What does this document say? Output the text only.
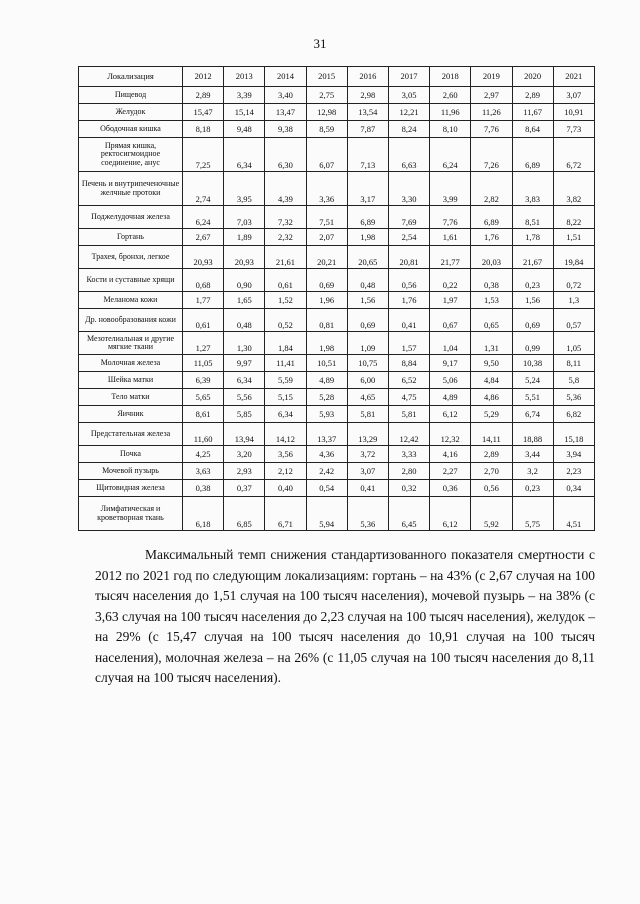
31
Локализация	2012	2013	2014	2015	2016	2017	2018	2019	2020	2021
Пищевод	2,89	3,39	3,40	2,75	2,98	3,05	2,60	2,97	2,89	3,07
Желудок	15,47	15,14	13,47	12,98	13,54	12,21	11,96	11,26	11,67	10,91
Ободочная кишка	8,18	9,48	9,38	8,59	7,87	8,24	8,10	7,76	8,64	7,73
Прямая кишка, ректосигмоидное соединение, анус	7,25	6,34	6,30	6,07	7,13	6,63	6,24	7,26	6,89	6,72
Печень и внутрипеченочные желчные протоки	2,74	3,95	4,39	3,36	3,17	3,30	3,99	2,82	3,83	3,82
Поджелудочная железа	6,24	7,03	7,32	7,51	6,89	7,69	7,76	6,89	8,51	8,22
Гортань	2,67	1,89	2,32	2,07	1,98	2,54	1,61	1,76	1,78	1,51
Трахея, бронхи, легкое	20,93	20,93	21,61	20,21	20,65	20,81	21,77	20,03	21,67	19,84
Кости и суставные хрящи	0,68	0,90	0,61	0,69	0,48	0,56	0,22	0,38	0,23	0,72
Меланома кожи	1,77	1,65	1,52	1,96	1,56	1,76	1,97	1,53	1,56	1,3
Др. новообразования кожи	0,61	0,48	0,52	0,81	0,69	0,41	0,67	0,65	0,69	0,57
Мезотелиальная и другие мягкие ткани	1,27	1,30	1,84	1,98	1,09	1,57	1,04	1,31	0,99	1,05
Молочная железа	11,05	9,97	11,41	10,51	10,75	8,84	9,17	9,50	10,38	8,11
Шейка матки	6,39	6,34	5,59	4,89	6,00	6,52	5,06	4,84	5,24	5,8
Тело матки	5,65	5,56	5,15	5,28	4,65	4,75	4,89	4,86	5,51	5,36
Яичник	8,61	5,85	6,34	5,93	5,81	5,81	6,12	5,29	6,74	6,82
Предстательная железа	11,60	13,94	14,12	13,37	13,29	12,42	12,32	14,11	18,88	15,18
Почка	4,25	3,20	3,56	4,36	3,72	3,33	4,16	2,89	3,44	3,94
Мочевой пузырь	3,63	2,93	2,12	2,42	3,07	2,80	2,27	2,70	3,2	2,23
Щитовидная железа	0,38	0,37	0,40	0,54	0,41	0,32	0,36	0,56	0,23	0,34
Лимфатическая и кроветворная ткань	6,18	6,85	6,71	5,94	5,36	6,45	6,12	5,92	5,75	4,51

Максимальный темп снижения стандартизованного показателя смертности с 2012 по 2021 год по следующим локализациям: гортань – на 43% (с 2,67 случая на 100 тысяч населения до 1,51 случая на 100 тысяч населения), мочевой пузырь – на 38% (с 3,63 случая на 100 тысяч населения до 2,23 случая на 100 тысяч населения), желудок – на 29% (с 15,47 случая на 100 тысяч населения до 10,91 случая на 100 тысяч населения), молочная железа – на 26% (с 11,05 случая на 100 тысяч населения до 8,11 случая на 100 тысяч населения).
